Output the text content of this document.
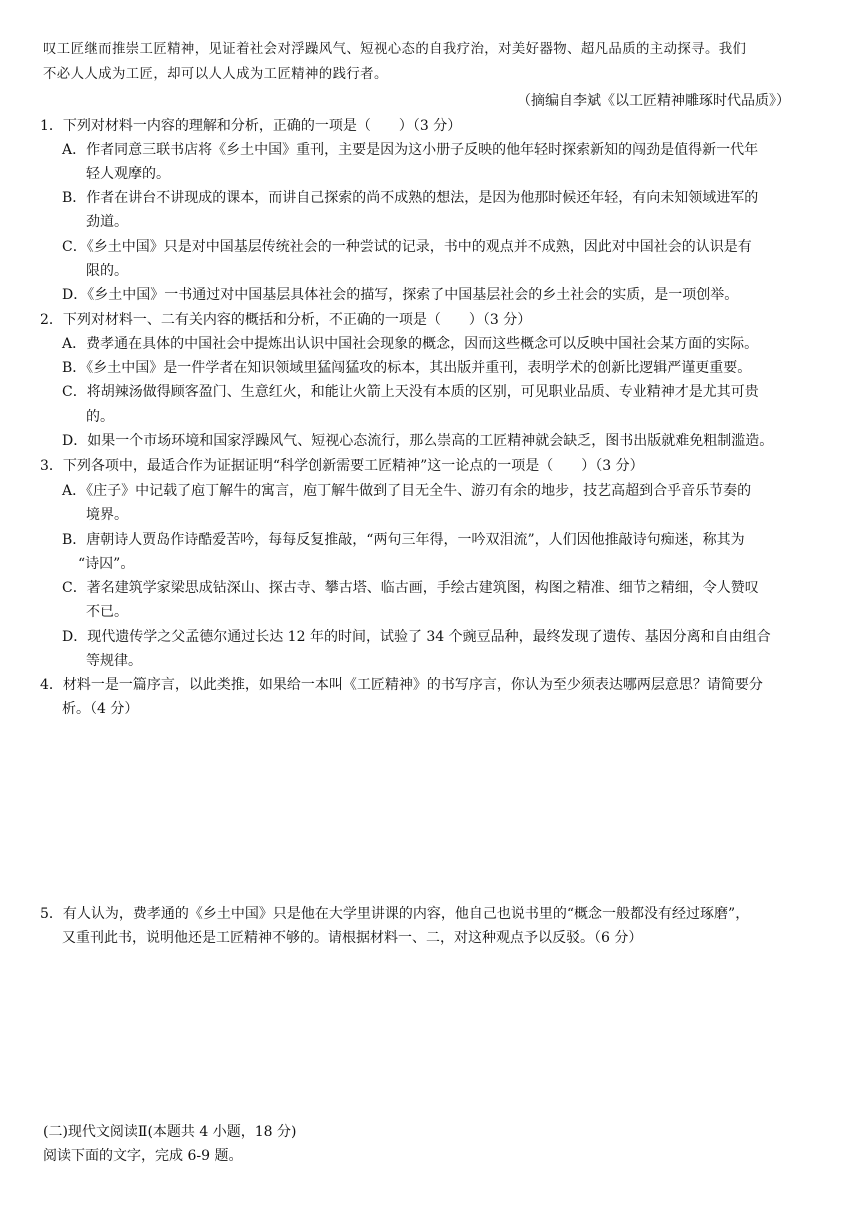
叹工匠继而推崇工匠精神，见证着社会对浮躁风气、短视心态的自我疗治，对美好器物、超凡品质的主动探寻。我们
不必人人成为工匠，却可以人人成为工匠精神的践行者。
（摘编自李斌《以工匠精神雕琢时代品质》）
1．下列对材料一内容的理解和分析，正确的一项是（　　）（3 分）
A．作者同意三联书店将《乡土中国》重刊，主要是因为这小册子反映的他年轻时探索新知的闯劲是值得新一代年
轻人观摩的。
B．作者在讲台不讲现成的课本，而讲自己探索的尚不成熟的想法，是因为他那时候还年轻，有向未知领域进军的
劲道。
C．《乡土中国》只是对中国基层传统社会的一种尝试的记录，书中的观点并不成熟，因此对中国社会的认识是有
限的。
D．《乡土中国》一书通过对中国基层具体社会的描写，探索了中国基层社会的乡土社会的实质，是一项创举。
2．下列对材料一、二有关内容的概括和分析，不正确的一项是（　　）（3 分）
A．费孝通在具体的中国社会中提炼出认识中国社会现象的概念，因而这些概念可以反映中国社会某方面的实际。
B．《乡土中国》是一件学者在知识领域里猛闯猛攻的标本，其出版并重刊，表明学术的创新比逻辑严谨更重要。
C．将胡辣汤做得顾客盈门、生意红火，和能让火箭上天没有本质的区别，可见职业品质、专业精神才是尤其可贵
的。
D．如果一个市场环境和国家浮躁风气、短视心态流行，那么崇高的工匠精神就会缺乏，图书出版就难免粗制滥造。
3．下列各项中，最适合作为证据证明“科学创新需要工匠精神”这一论点的一项是（　　）（3 分）
A．《庄子》中记载了庖丁解牛的寓言，庖丁解牛做到了目无全牛、游刃有余的地步，技艺高超到合乎音乐节奏的
境界。
B．唐朝诗人贾岛作诗酷爱苦吟，每每反复推敲，“两句三年得，一吟双泪流”，人们因他推敲诗句痴迷，称其为
“诗囚”。
C．著名建筑学家梁思成钻深山、探古寺、攀古塔、临古画，手绘古建筑图，构图之精准、细节之精细，令人赞叹
不已。
D．现代遗传学之父孟德尔通过长达 12 年的时间，试验了 34 个豌豆品种，最终发现了遗传、基因分离和自由组合
等规律。
4．材料一是一篇序言，以此类推，如果给一本叫《工匠精神》的书写序言，你认为至少须表达哪两层意思？请简要分
析。（4 分）
5．有人认为，费孝通的《乡土中国》只是他在大学里讲课的内容，他自己也说书里的“概念一般都没有经过琢磨”，
又重刊此书，说明他还是工匠精神不够的。请根据材料一、二，对这种观点予以反驳。（6 分）
(二)现代文阅读Ⅱ(本题共 4 小题，18 分)
阅读下面的文字，完成 6-9 题。
